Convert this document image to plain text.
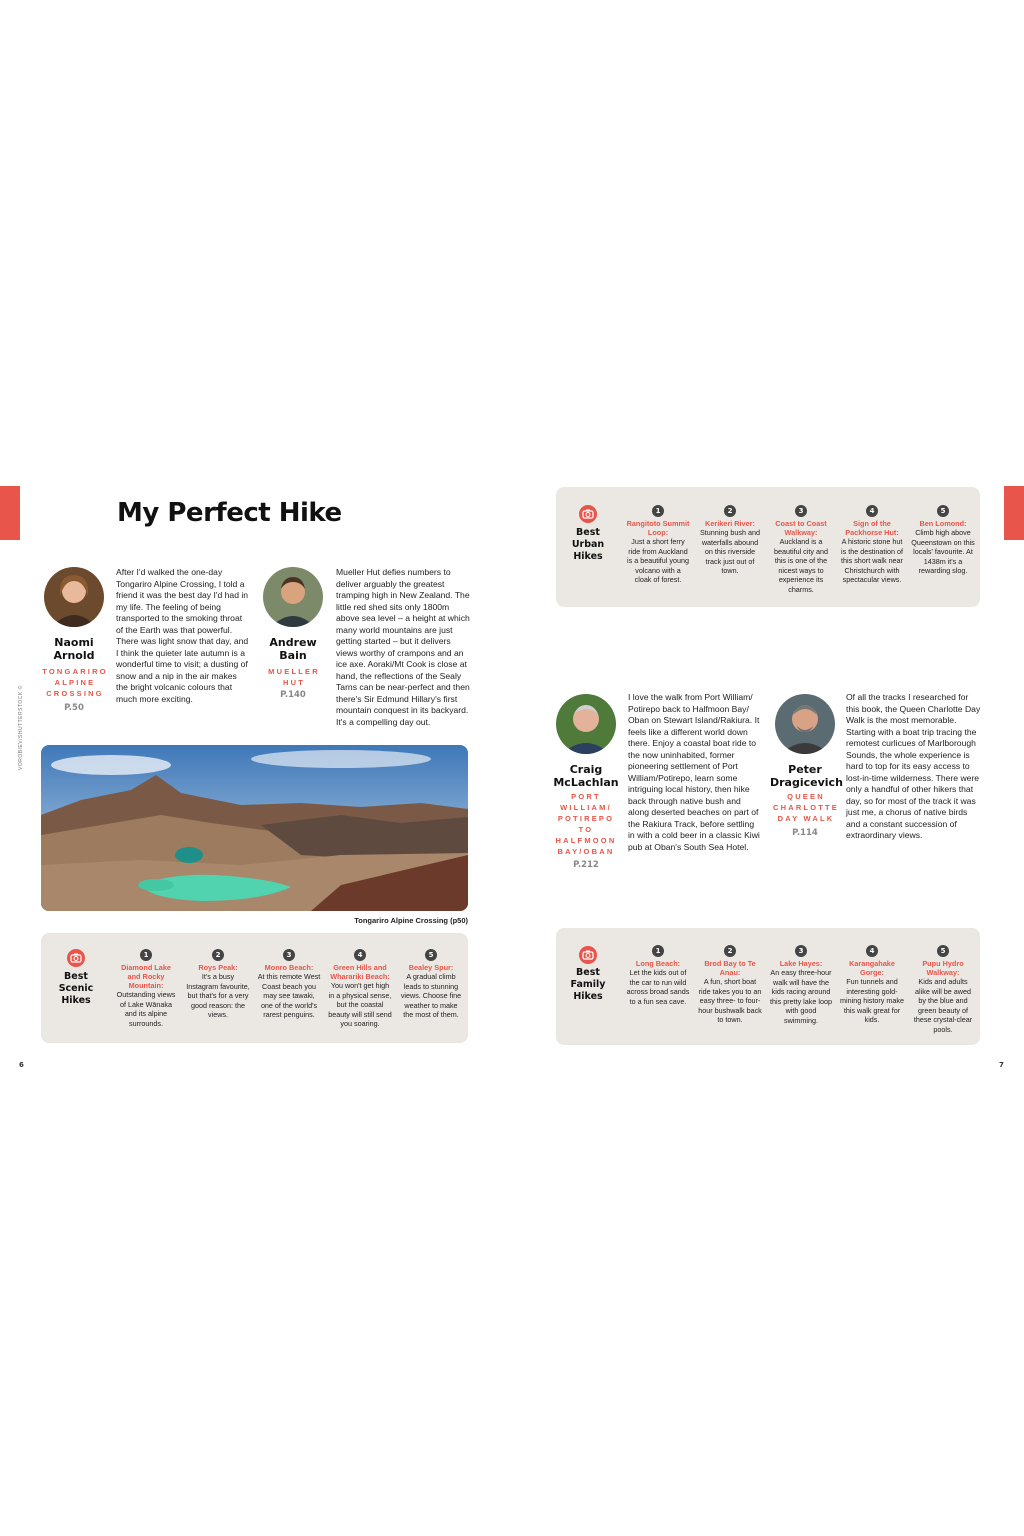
My Perfect Hike
Naomi
Arnold
TONGARIRO ALPINE CROSSING
P.50

After I'd walked the one-day Tongariro Alpine Crossing, I told a friend it was the best day I'd had in my life. The feeling of being transported to the smoking throat of the Earth was that powerful. There was light snow that day, and I think the quieter late autumn is a wonderful time to visit; a dusting of snow and a nip in the air makes the bright volcanic colours that much more exciting.

Andrew
Bain
MUELLER HUT
P.140

Mueller Hut defies numbers to deliver arguably the greatest tramping high in New Zealand. The little red shed sits only 1800m above sea level – a height at which many world mountains are just getting started – but it delivers views worthy of crampons and an ice axe. Aoraki/Mt Cook is close at hand, the reflections of the Sealy Tarns can be near-perfect and then there's Sir Edmund Hillary's first mountain conquest in its backyard. It's a compelling day out.

VOROBIEV/SHUTTERSTOCK ©
Tongariro Alpine Crossing (p50)
Best
Scenic
Hikes
1
Diamond Lake and Rocky Mountain:
Outstanding views of Lake Wānaka and its alpine surrounds.
2
Roys Peak:
It's a busy Instagram favourite, but that's for a very good reason: the views.
3
Monro Beach:
At this remote West Coast beach you may see tawaki, one of the world's rarest penguins.
4
Green Hills and Wharariki Beach:
You won't get high in a physical sense, but the coastal beauty will still send you soaring.
5
Bealey Spur:
A gradual climb leads to stunning views. Choose fine weather to make the most of them.
Best
Urban
Hikes
1
Rangitoto Summit Loop:
Just a short ferry ride from Auckland is a beautiful young volcano with a cloak of forest.
2
Kerikeri River:
Stunning bush and waterfalls abound on this riverside track just out of town.
3
Coast to Coast Walkway:
Auckland is a beautiful city and this is one of the nicest ways to experience its charms.
4
Sign of the Packhorse Hut:
A historic stone hut is the destination of this short walk near Christchurch with spectacular views.
5
Ben Lomond:
Climb high above Queenstown on this locals' favourite. At 1438m it's a rewarding slog.
Craig
McLachlan
PORT WILLIAM/ POTIREPO TO HALFMOON BAY/OBAN
P.212

I love the walk from Port William/ Potirepo back to Halfmoon Bay/ Oban on Stewart Island/Rakiura. It feels like a different world down there. Enjoy a coastal boat ride to the now uninhabited, former pioneering settlement of Port William/Potirepo, learn some intriguing local history, then hike back through native bush and along deserted beaches on part of the Rakiura Track, before settling in with a cold beer in a classic Kiwi pub at Oban's South Sea Hotel.

Peter
Dragicevich
QUEEN CHARLOTTE DAY WALK
P.114

Of all the tracks I researched for this book, the Queen Charlotte Day Walk is the most memorable. Starting with a boat trip tracing the remotest curlicues of Marlborough Sounds, the whole experience is hard to top for its easy access to lost-in-time wilderness. There were only a handful of other hikers that day, so for most of the track it was just me, a chorus of native birds and a constant succession of extraordinary views.

Best
Family
Hikes
1
Long Beach:
Let the kids out of the car to run wild across broad sands to a fun sea cave.
2
Brod Bay to Te Anau:
A fun, short boat ride takes you to an easy three- to four-hour bushwalk back to town.
3
Lake Hayes:
An easy three-hour walk will have the kids racing around this pretty lake loop with good swimming.
4
Karangahake Gorge:
Fun tunnels and interesting gold-mining history make this walk great for kids.
5
Pupu Hydro Walkway:
Kids and adults alike will be awed by the blue and green beauty of these crystal-clear pools.
6	7
